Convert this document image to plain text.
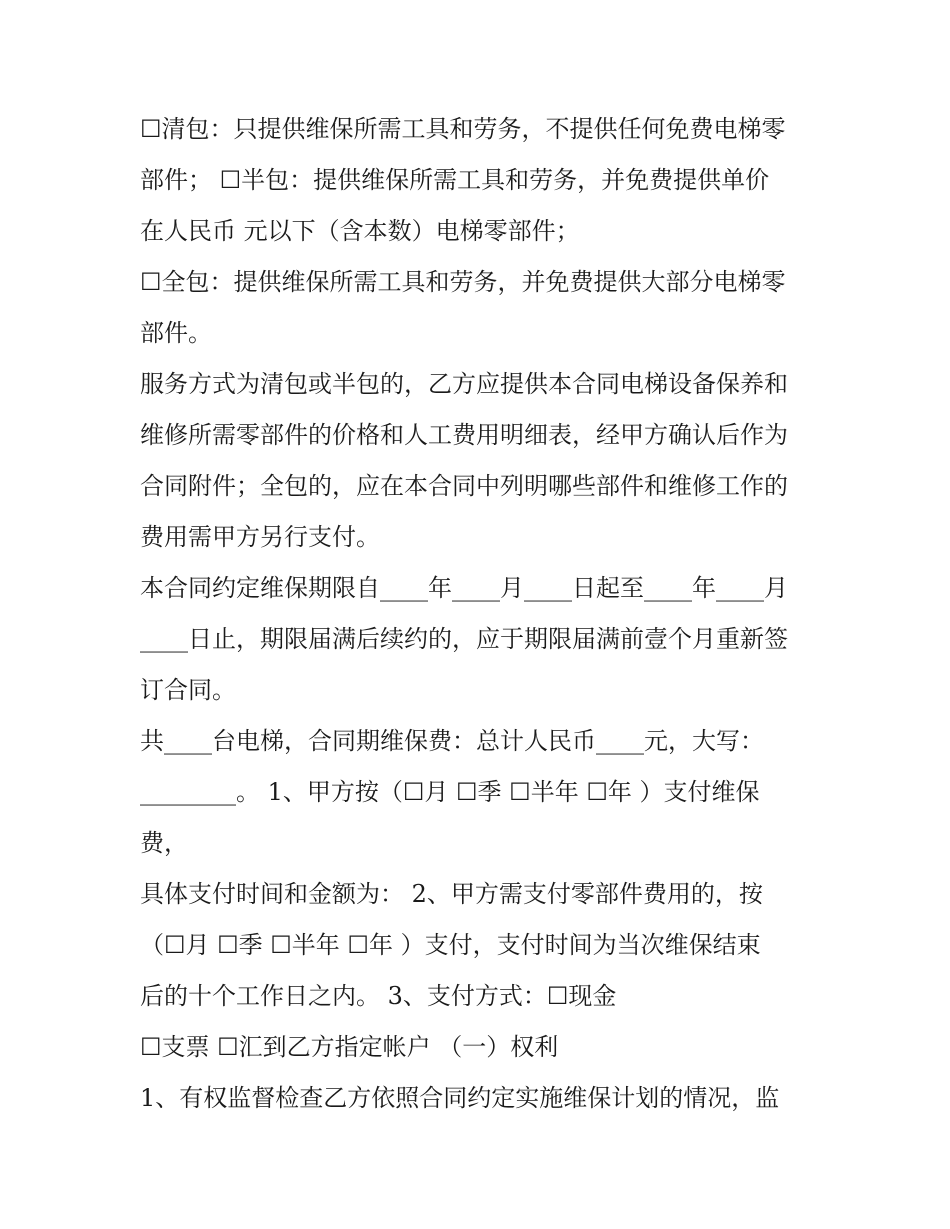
☐清包：只提供维保所需工具和劳务，不提供任何免费电梯零
部件； ☐半包：提供维保所需工具和劳务，并免费提供单价
在人民币 元以下（含本数）电梯零部件；
☐全包：提供维保所需工具和劳务，并免费提供大部分电梯零
部件。
服务方式为清包或半包的，乙方应提供本合同电梯设备保养和
维修所需零部件的价格和人工费用明细表，经甲方确认后作为
合同附件；全包的，应在本合同中列明哪些部件和维修工作的
费用需甲方另行支付。
本合同约定维保期限自____年____月____日起至____年____月
____日止，期限届满后续约的，应于期限届满前壹个月重新签
订合同。
共____台电梯，合同期维保费：总计人民币____元，大写：
________。 1、甲方按（☐月 ☐季 ☐半年 ☐年 ）支付维保
费，
具体支付时间和金额为： 2、甲方需支付零部件费用的，按
（☐月 ☐季 ☐半年 ☐年 ）支付，支付时间为当次维保结束
后的十个工作日之内。 3、支付方式：☐现金
☐支票 ☐汇到乙方指定帐户 （一）权利
1、有权监督检查乙方依照合同约定实施维保计划的情况，监
